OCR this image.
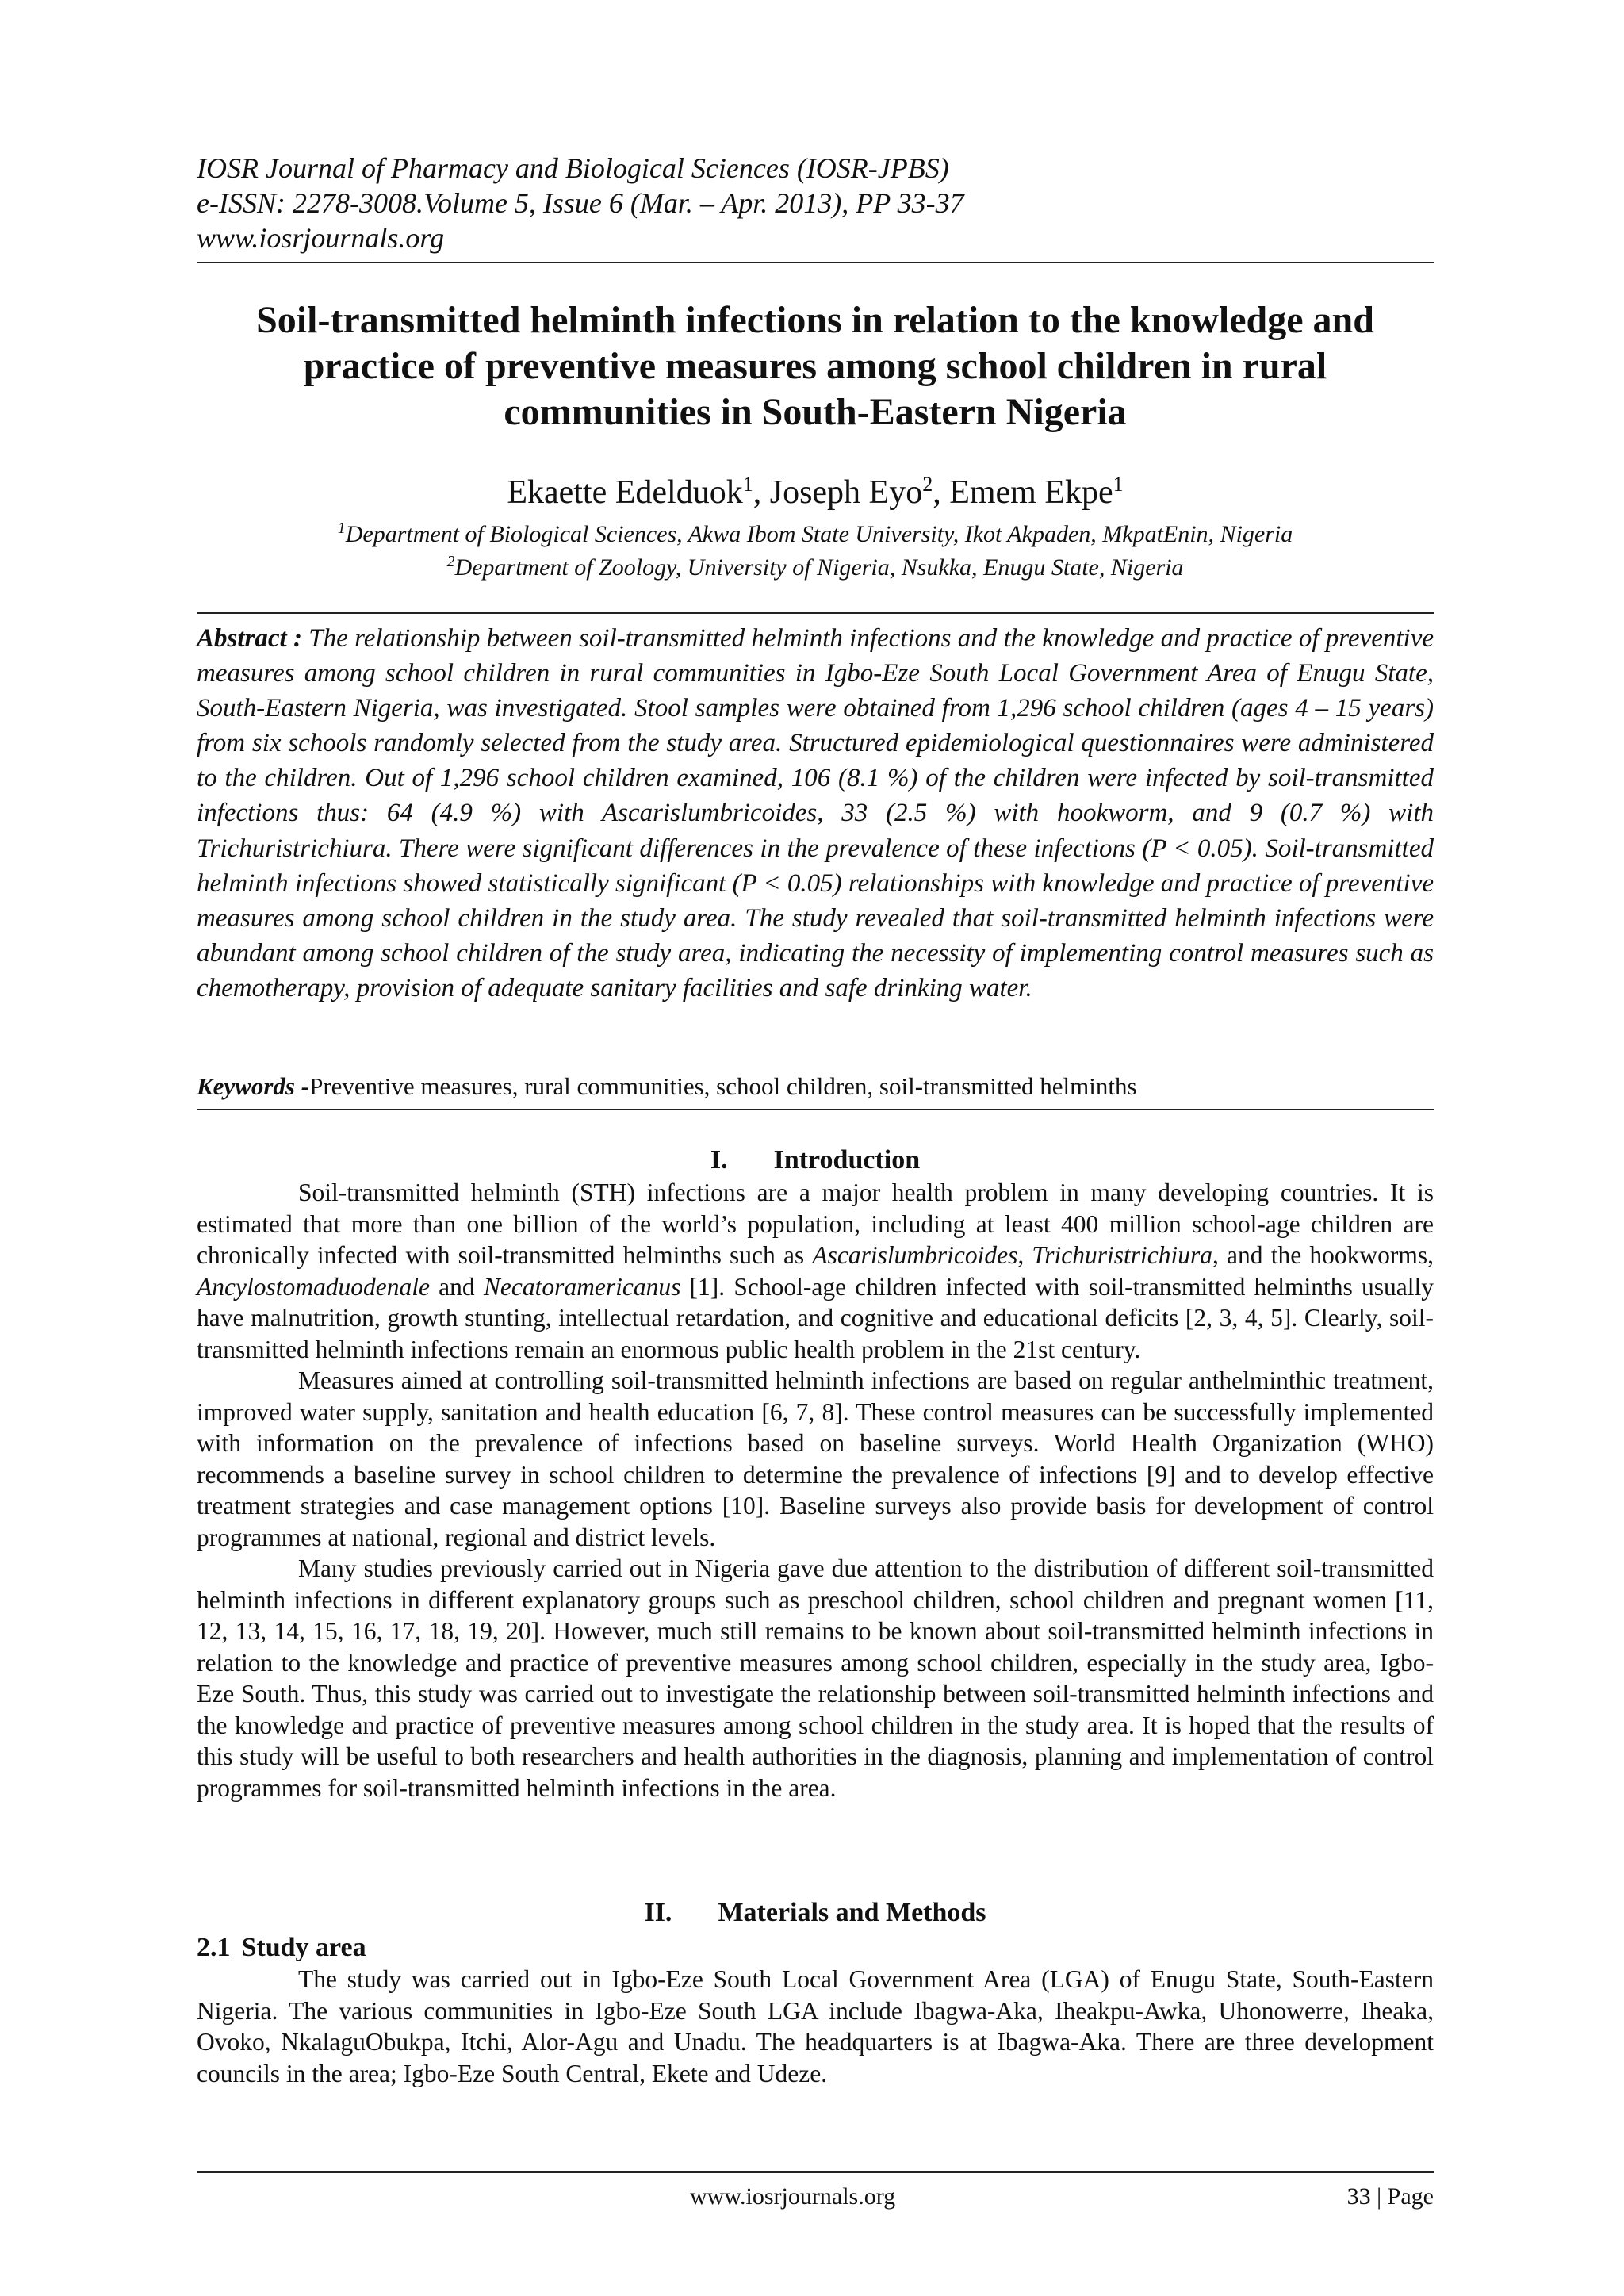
IOSR Journal of Pharmacy and Biological Sciences (IOSR-JPBS)
e-ISSN: 2278-3008.Volume 5, Issue 6 (Mar. – Apr. 2013), PP 33-37
www.iosrjournals.org
Soil-transmitted helminth infections in relation to the knowledge and practice of preventive measures among school children in rural communities in South-Eastern Nigeria
Ekaette Edelduok$^1$, Joseph Eyo$^2$, Emem Ekpe$^1$
$^1$Department of Biological Sciences, Akwa Ibom State University, Ikot Akpaden, MkpatEnin, Nigeria
$^2$Department of Zoology, University of Nigeria, Nsukka, Enugu State, Nigeria
Abstract : The relationship between soil-transmitted helminth infections and the knowledge and practice of preventive measures among school children in rural communities in Igbo-Eze South Local Government Area of Enugu State, South-Eastern Nigeria, was investigated. Stool samples were obtained from 1,296 school children (ages 4 – 15 years) from six schools randomly selected from the study area. Structured epidemiological questionnaires were administered to the children. Out of 1,296 school children examined, 106 (8.1 %) of the children were infected by soil-transmitted infections thus: 64 (4.9 %) with Ascarislumbricoides, 33 (2.5 %) with hookworm, and 9 (0.7 %) with Trichuristrichiura. There were significant differences in the prevalence of these infections (P < 0.05). Soil-transmitted helminth infections showed statistically significant (P < 0.05) relationships with knowledge and practice of preventive measures among school children in the study area. The study revealed that soil-transmitted helminth infections were abundant among school children of the study area, indicating the necessity of implementing control measures such as chemotherapy, provision of adequate sanitary facilities and safe drinking water.
Keywords -Preventive measures, rural communities, school children, soil-transmitted helminths
I. Introduction

Soil-transmitted helminth (STH) infections are a major health problem in many developing countries. It is estimated that more than one billion of the world’s population, including at least 400 million school-age children are chronically infected with soil-transmitted helminths such as Ascarislumbricoides, Trichuristrichiura, and the hookworms, Ancylostomaduodenale and Necatoramericanus [1]. School-age children infected with soil-transmitted helminths usually have malnutrition, growth stunting, intellectual retardation, and cognitive and educational deficits [2, 3, 4, 5]. Clearly, soil-transmitted helminth infections remain an enormous public health problem in the 21st century.

Measures aimed at controlling soil-transmitted helminth infections are based on regular anthelminthic treatment, improved water supply, sanitation and health education [6, 7, 8]. These control measures can be successfully implemented with information on the prevalence of infections based on baseline surveys. World Health Organization (WHO) recommends a baseline survey in school children to determine the prevalence of infections [9] and to develop effective treatment strategies and case management options [10]. Baseline surveys also provide basis for development of control programmes at national, regional and district levels.

Many studies previously carried out in Nigeria gave due attention to the distribution of different soil-transmitted helminth infections in different explanatory groups such as preschool children, school children and pregnant women [11, 12, 13, 14, 15, 16, 17, 18, 19, 20]. However, much still remains to be known about soil-transmitted helminth infections in relation to the knowledge and practice of preventive measures among school children, especially in the study area, Igbo-Eze South. Thus, this study was carried out to investigate the relationship between soil-transmitted helminth infections and the knowledge and practice of preventive measures among school children in the study area. It is hoped that the results of this study will be useful to both researchers and health authorities in the diagnosis, planning and implementation of control programmes for soil-transmitted helminth infections in the area.

II. Materials and Methods
2.1 Study area

The study was carried out in Igbo-Eze South Local Government Area (LGA) of Enugu State, South-Eastern Nigeria. The various communities in Igbo-Eze South LGA include Ibagwa-Aka, Iheakpu-Awka, Uhonowerre, Iheaka, Ovoko, NkalaguObukpa, Itchi, Alor-Agu and Unadu. The headquarters is at Ibagwa-Aka. There are three development councils in the area; Igbo-Eze South Central, Ekete and Udeze.

www.iosrjournals.org	33 | Page
